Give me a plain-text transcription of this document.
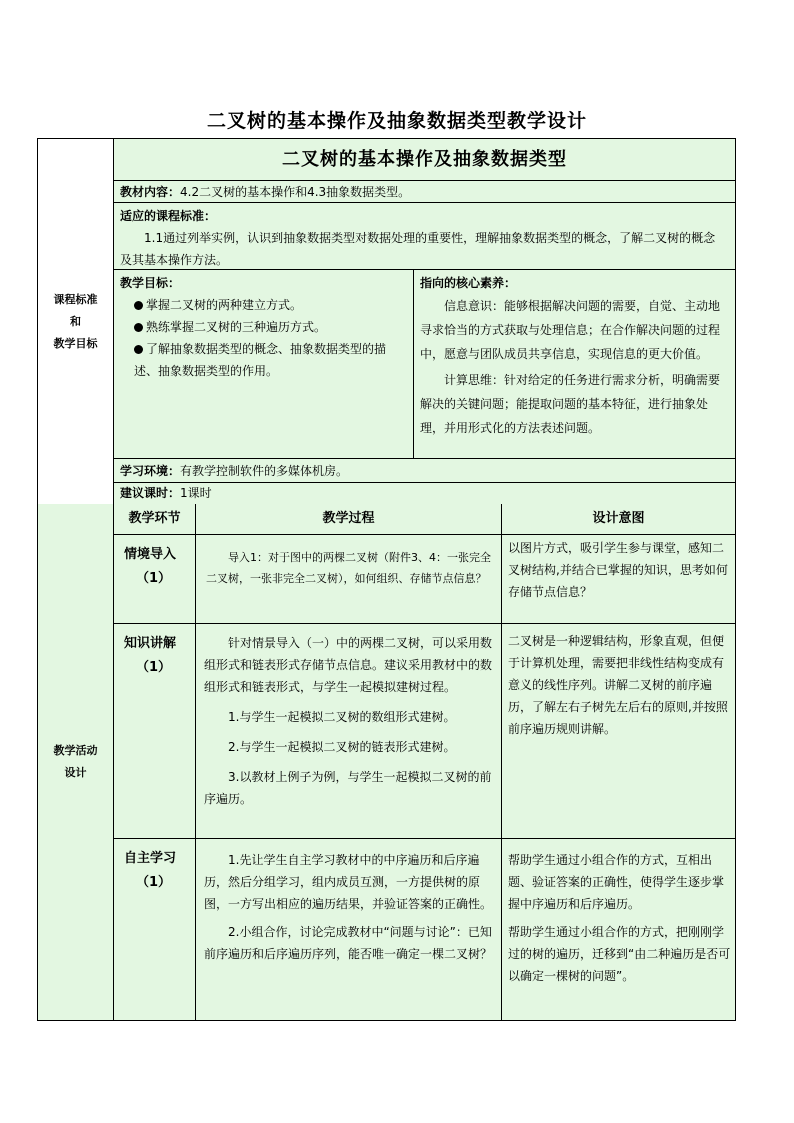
二叉树的基本操作及抽象数据类型教学设计
课程标准
和
教学目标
二叉树的基本操作及抽象数据类型
教材内容：4.2二叉树的基本操作和4.3抽象数据类型。
适应的课程标准：

1.1通过列举实例，认识到抽象数据类型对数据处理的重要性，理解抽象数据类型的概念，了解二叉树的概念及其基本操作方法。

教学目标：

掌握二叉树的两种建立方式。

熟练掌握二叉树的三种遍历方式。

了解抽象数据类型的概念、抽象数据类型的描述、抽象数据类型的作用。

指向的核心素养：

信息意识：能够根据解决问题的需要，自觉、主动地寻求恰当的方式获取与处理信息；在合作解决问题的过程中，愿意与团队成员共享信息，实现信息的更大价值。

计算思维：针对给定的任务进行需求分析，明确需要解决的关键问题；能提取问题的基本特征，进行抽象处理，并用形式化的方法表述问题。

学习环境：有教学控制软件的多媒体机房。
建议课时：1课时
教学活动
设计
教学环节	教学过程	设计意图
情境导入
（1）

导入1：对于图中的两棵二叉树（附件3、4：一张完全二叉树，一张非完全二叉树），如何组织、存储节点信息？

以图片方式，吸引学生参与课堂，感知二叉树结构,并结合已掌握的知识，思考如何存储节点信息？

知识讲解
（1）

针对情景导入（一）中的两棵二叉树，可以采用数组形式和链表形式存储节点信息。建议采用教材中的数组形式和链表形式，与学生一起模拟建树过程。

1.与学生一起模拟二叉树的数组形式建树。

2.与学生一起模拟二叉树的链表形式建树。

3.以教材上例子为例，与学生一起模拟二叉树的前序遍历。

二叉树是一种逻辑结构，形象直观，但便于计算机处理，需要把非线性结构变成有意义的线性序列。讲解二叉树的前序遍历，了解左右子树先左后右的原则,并按照前序遍历规则讲解。

自主学习
（1）

1.先让学生自主学习教材中的中序遍历和后序遍历，然后分组学习，组内成员互测，一方提供树的原图，一方写出相应的遍历结果，并验证答案的正确性。

2.小组合作，讨论完成教材中“问题与讨论”：已知前序遍历和后序遍历序列，能否唯一确定一棵二叉树？

帮助学生通过小组合作的方式，互相出题、验证答案的正确性，使得学生逐步掌握中序遍历和后序遍历。

帮助学生通过小组合作的方式，把刚刚学过的树的遍历，迁移到“由二种遍历是否可以确定一棵树的问题”。
